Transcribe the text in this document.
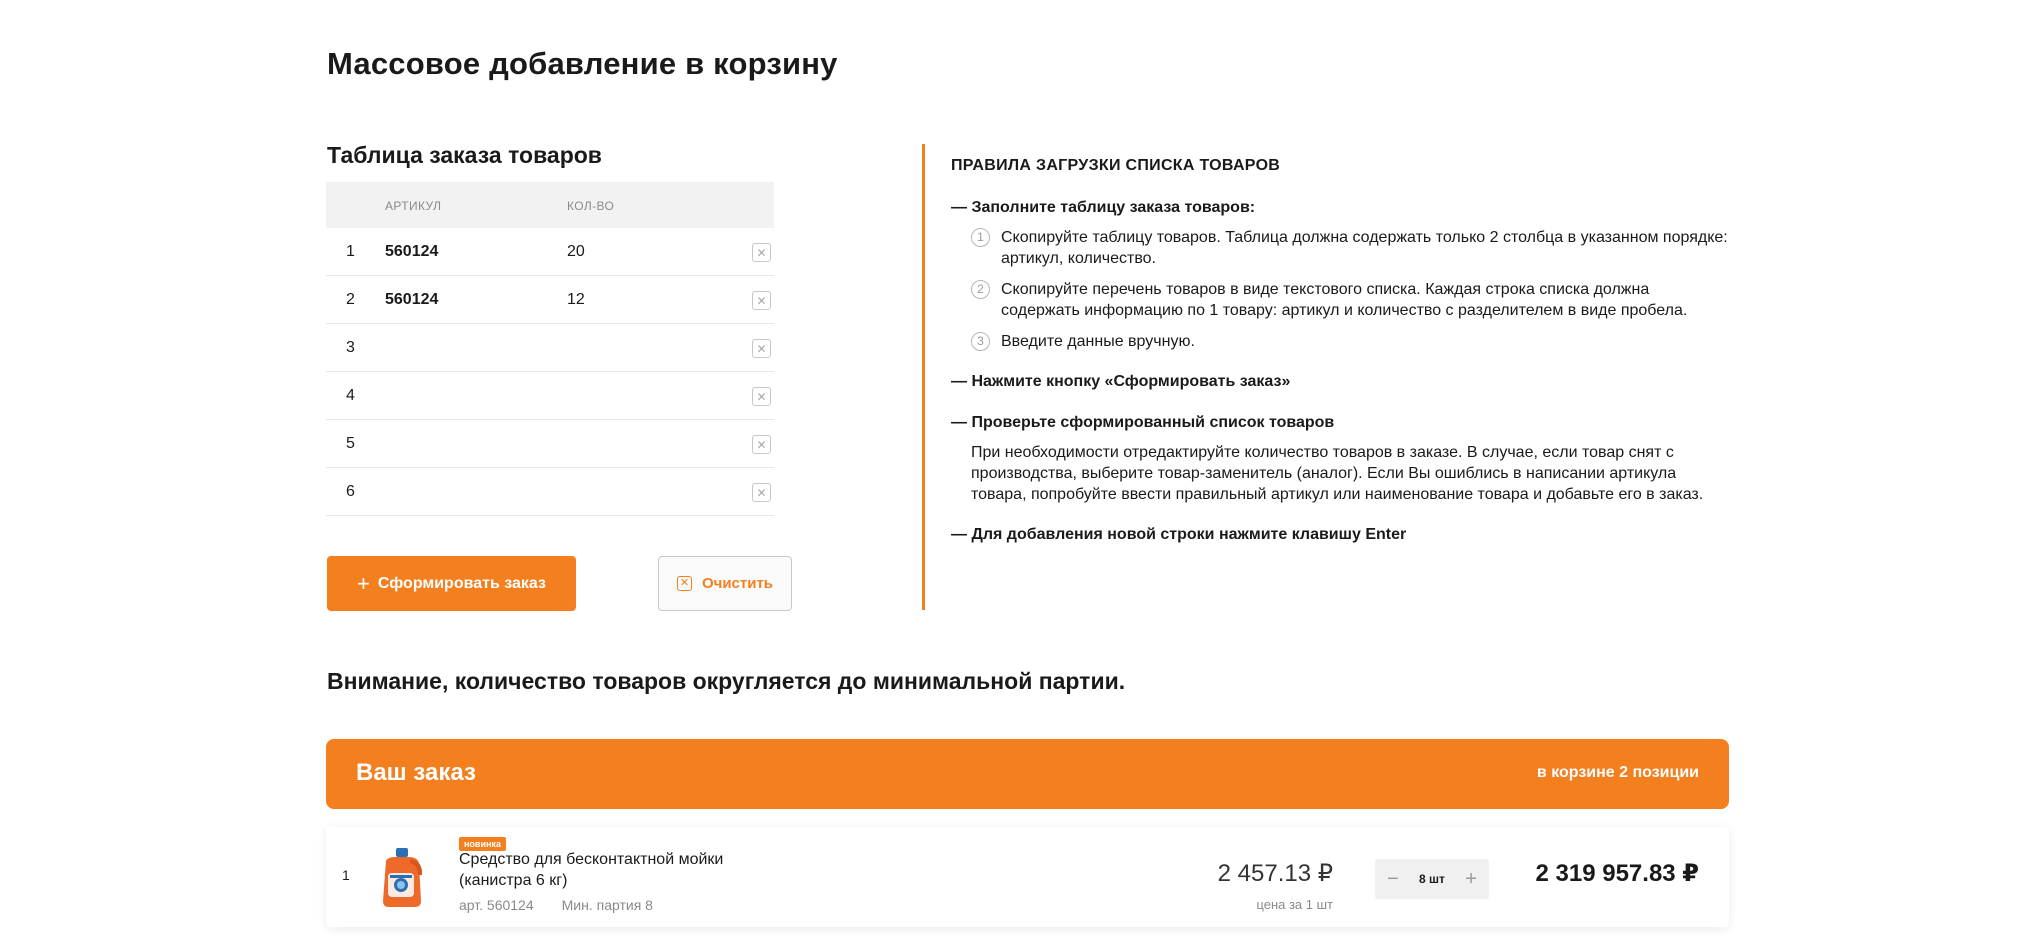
Массовое добавление в корзину
Таблица заказа товаров
АРТИКУЛ	КОЛ-ВО
1 560124	20	✕
2 560124	12	✕
3	✕
4	✕
5	✕
6	✕
+ Сформировать заказ	✕ Очистить
ПРАВИЛА ЗАГРУЗКИ СПИСКА ТОВАРОВ
— Заполните таблицу заказа товаров:
1	Скопируйте таблицу товаров. Таблица должна содержать только 2 столбца в указанном порядке: артикул, количество.
2	Скопируйте перечень товаров в виде текстового списка. Каждая строка списка должна содержать информацию по 1 товару: артикул и количество с разделителем в виде пробела.
3	Введите данные вручную.
— Нажмите кнопку «Сформировать заказ»
— Проверьте сформированный список товаров
При необходимости отредактируйте количество товаров в заказе. В случае, если товар снят с производства, выберите товар-заменитель (аналог). Если Вы ошиблись в написании артикула товара, попробуйте ввести правильный артикул или наименование товара и добавьте его в заказ.
— Для добавления новой строки нажмите клавишу Enter
Внимание, количество товаров округляется до минимальной партии.
Ваш заказ	в корзине 2 позиции
1
новинка
Средство для бесконтактной мойки (канистра 6 кг)
арт. 560124 Мин. партия 8
2 457.13 ₽
цена за 1 шт
− 8 шт + 2 319 957.83 ₽
